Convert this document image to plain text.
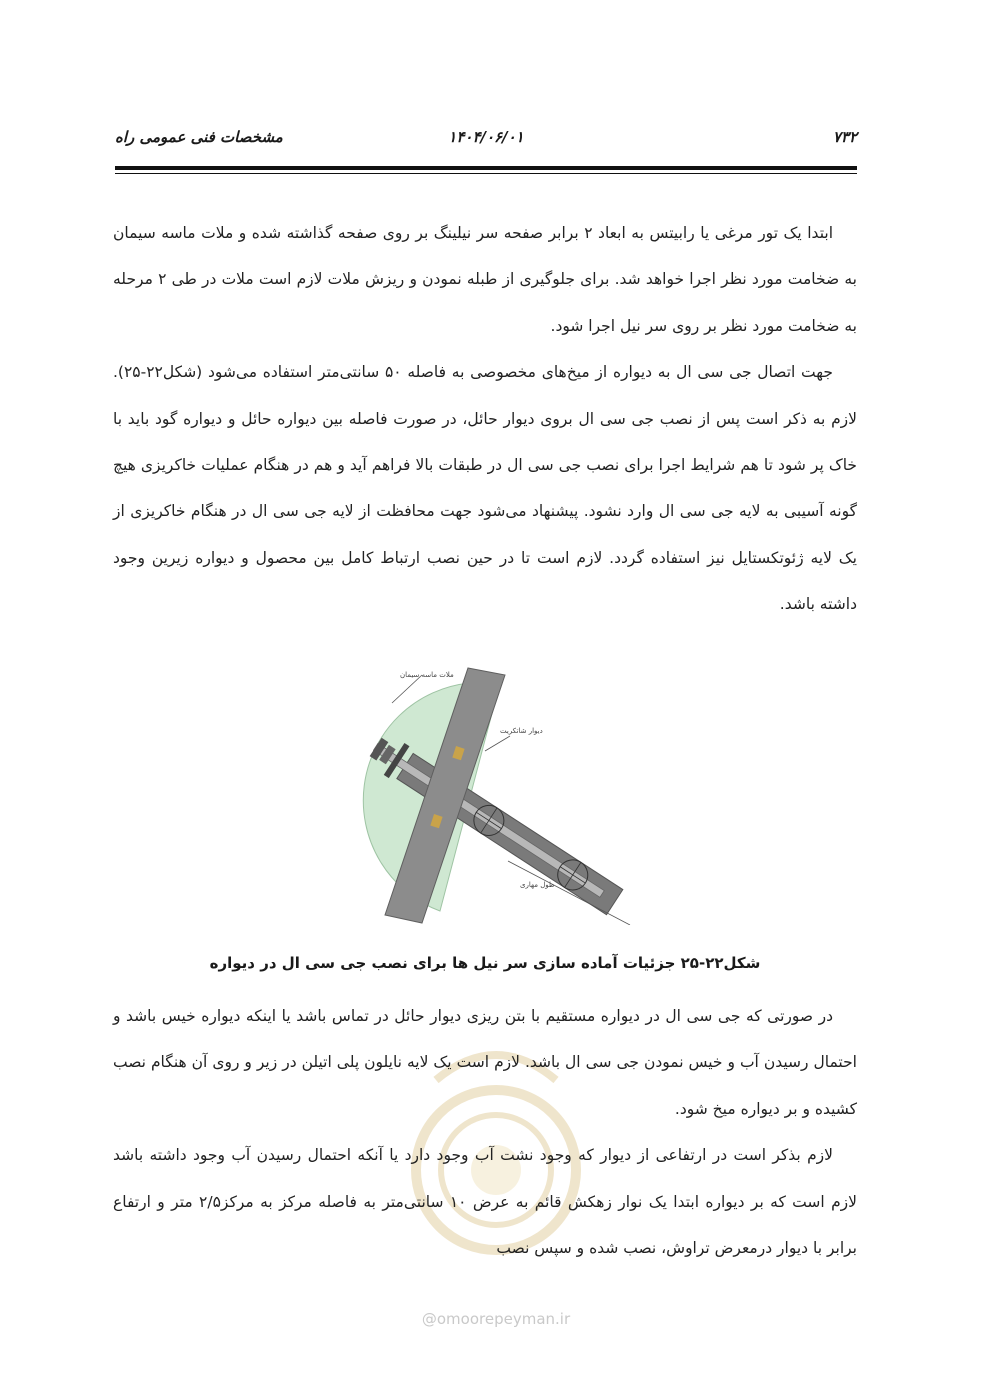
۷۳۲
۱۴۰۴/۰۶/۰۱
مشخصات فنی عمومی راه

ابتدا یک تور مرغی یا رابیتس به ابعاد ۲ برابر صفحه سر نیلینگ بر روی صفحه گذاشته شده و ملات ماسه سیمان به ضخامت مورد نظر اجرا خواهد شد. برای جلوگیری از طبله نمودن و ریزش ملات لازم است ملات در طی ۲ مرحله به ضخامت مورد نظر بر روی سر نیل اجرا شود.

جهت اتصال جی سی ال به دیواره از میخ‌های مخصوصی به فاصله ۵۰ سانتی‌متر استفاده می‌شود (شکل۲۲-۲۵). لازم به ذکر است پس از نصب جی سی ال بروی دیوار حائل، در صورت فاصله بین دیواره حائل و دیواره گود باید با خاک پر شود تا هم شرایط اجرا برای نصب جی سی ال در طبقات بالا فراهم آید و هم در هنگام عملیات خاکریزی هیچ گونه آسیبی به لایه جی سی ال وارد نشود. پیشنهاد می‌شود جهت محافظت از لایه جی سی ال در هنگام خاکریزی از یک لایه ژئوتکستایل نیز استفاده گردد. لازم است تا در حین نصب ارتباط کامل بین محصول و دیواره زیرین وجود داشته باشد.

ملات ماسه سیمان
دیوار شاتکریت
طول مهاری
شکل۲۲-۲۵ جزئیات آماده سازی سر نیل ها برای نصب جی سی ال در دیواره

در صورتی که جی سی ال در دیواره مستقیم با بتن ریزی دیوار حائل در تماس باشد یا اینکه دیواره خیس باشد و احتمال رسیدن آب و خیس نمودن جی سی ال باشد. لازم است یک لایه نایلون پلی اتیلن در زیر و روی آن هنگام نصب کشیده و بر دیواره میخ شود.

لازم بذکر است در ارتفاعی از دیوار که وجود نشت آب وجود دارد یا آنکه احتمال رسیدن آب وجود داشته باشد لازم است که بر دیواره ابتدا یک نوار زهکش قائم به عرض ۱۰ سانتی‌متر به فاصله مرکز به مرکز۲/۵ متر و ارتفاع برابر با دیوار درمعرض تراوش، نصب شده و سپس نصب

@omoorepeyman.ir
